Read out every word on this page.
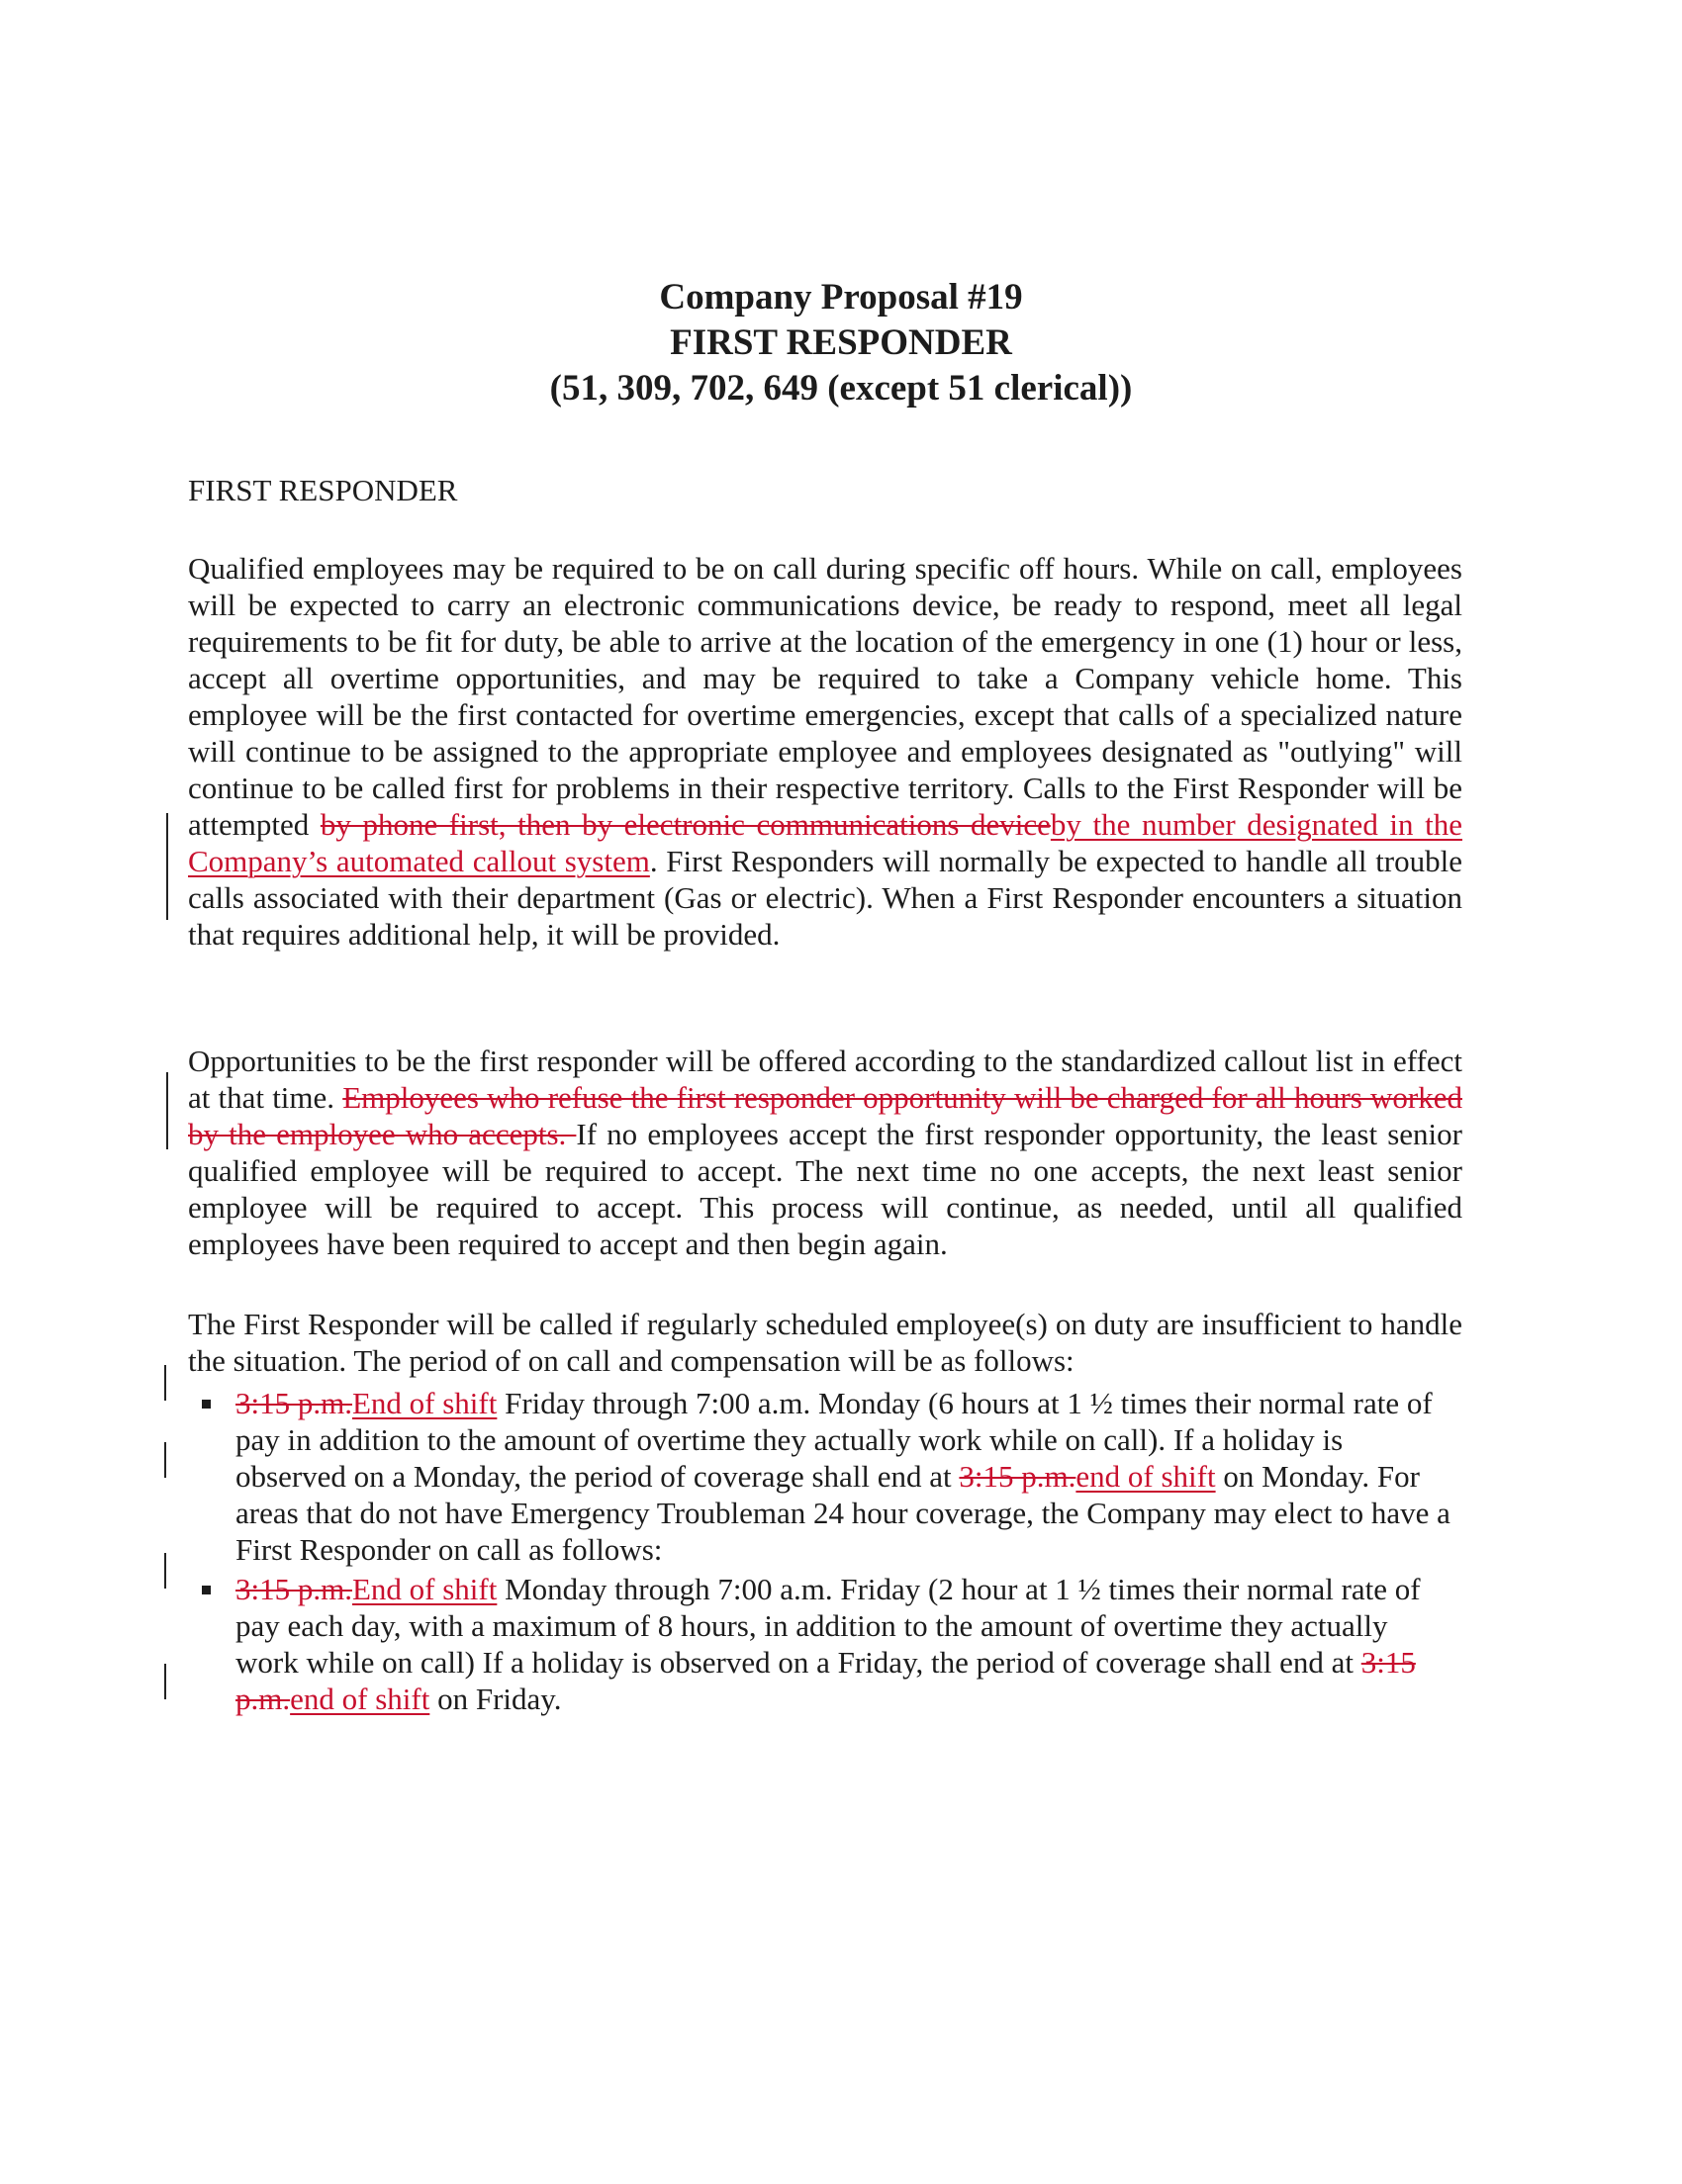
Company Proposal #19
FIRST RESPONDER
(51, 309, 702, 649 (except 51 clerical))
FIRST RESPONDER
Qualified employees may be required to be on call during specific off hours. While on call, employees will be expected to carry an electronic communications device, be ready to respond, meet all legal requirements to be fit for duty, be able to arrive at the location of the emergency in one (1) hour or less, accept all overtime opportunities, and may be required to take a Company vehicle home. This employee will be the first contacted for overtime emergencies, except that calls of a specialized nature will continue to be assigned to the appropriate employee and employees designated as "outlying" will continue to be called first for problems in their respective territory. Calls to the First Responder will be attempted by phone first, then by electronic communications deviceby the number designated in the Company’s automated callout system. First Responders will normally be expected to handle all trouble calls associated with their department (Gas or electric). When a First Responder encounters a situation that requires additional help, it will be provided.
Opportunities to be the first responder will be offered according to the standardized callout list in effect at that time. Employees who refuse the first responder opportunity will be charged for all hours worked by the employee who accepts. If no employees accept the first responder opportunity, the least senior qualified employee will be required to accept. The next time no one accepts, the next least senior employee will be required to accept. This process will continue, as needed, until all qualified employees have been required to accept and then begin again.
The First Responder will be called if regularly scheduled employee(s) on duty are insufficient to handle the situation. The period of on call and compensation will be as follows:
3:15 p.m.End of shift Friday through 7:00 a.m. Monday (6 hours at 1 ½ times their normal rate of pay in addition to the amount of overtime they actually work while on call). If a holiday is observed on a Monday, the period of coverage shall end at 3:15 p.m.end of shift on Monday. For areas that do not have Emergency Troubleman 24 hour coverage, the Company may elect to have a First Responder on call as follows:
3:15 p.m.End of shift Monday through 7:00 a.m. Friday (2 hour at 1 ½ times their normal rate of pay each day, with a maximum of 8 hours, in addition to the amount of overtime they actually work while on call) If a holiday is observed on a Friday, the period of coverage shall end at 3:15 p.m.end of shift on Friday.
